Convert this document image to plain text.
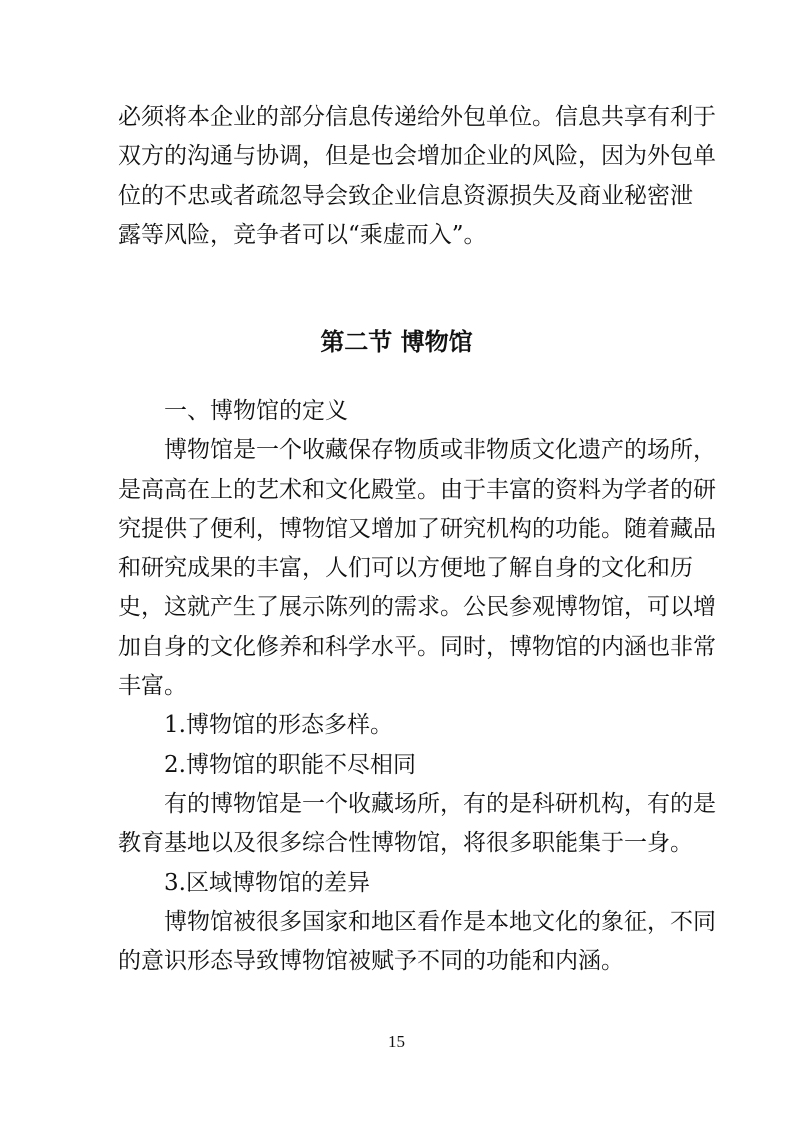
必须将本企业的部分信息传递给外包单位。信息共享有利于
双方的沟通与协调，但是也会增加企业的风险，因为外包单
位的不忠或者疏忽导会致企业信息资源损失及商业秘密泄
露等风险，竞争者可以“乘虚而入”。
第二节 博物馆
一、博物馆的定义
博物馆是一个收藏保存物质或非物质文化遗产的场所，
是高高在上的艺术和文化殿堂。由于丰富的资料为学者的研
究提供了便利，博物馆又增加了研究机构的功能。随着藏品
和研究成果的丰富，人们可以方便地了解自身的文化和历
史，这就产生了展示陈列的需求。公民参观博物馆，可以增
加自身的文化修养和科学水平。同时，博物馆的内涵也非常
丰富。
1.博物馆的形态多样。
2.博物馆的职能不尽相同
有的博物馆是一个收藏场所，有的是科研机构，有的是
教育基地以及很多综合性博物馆，将很多职能集于一身。
3.区域博物馆的差异
博物馆被很多国家和地区看作是本地文化的象征，不同
的意识形态导致博物馆被赋予不同的功能和内涵。
15
